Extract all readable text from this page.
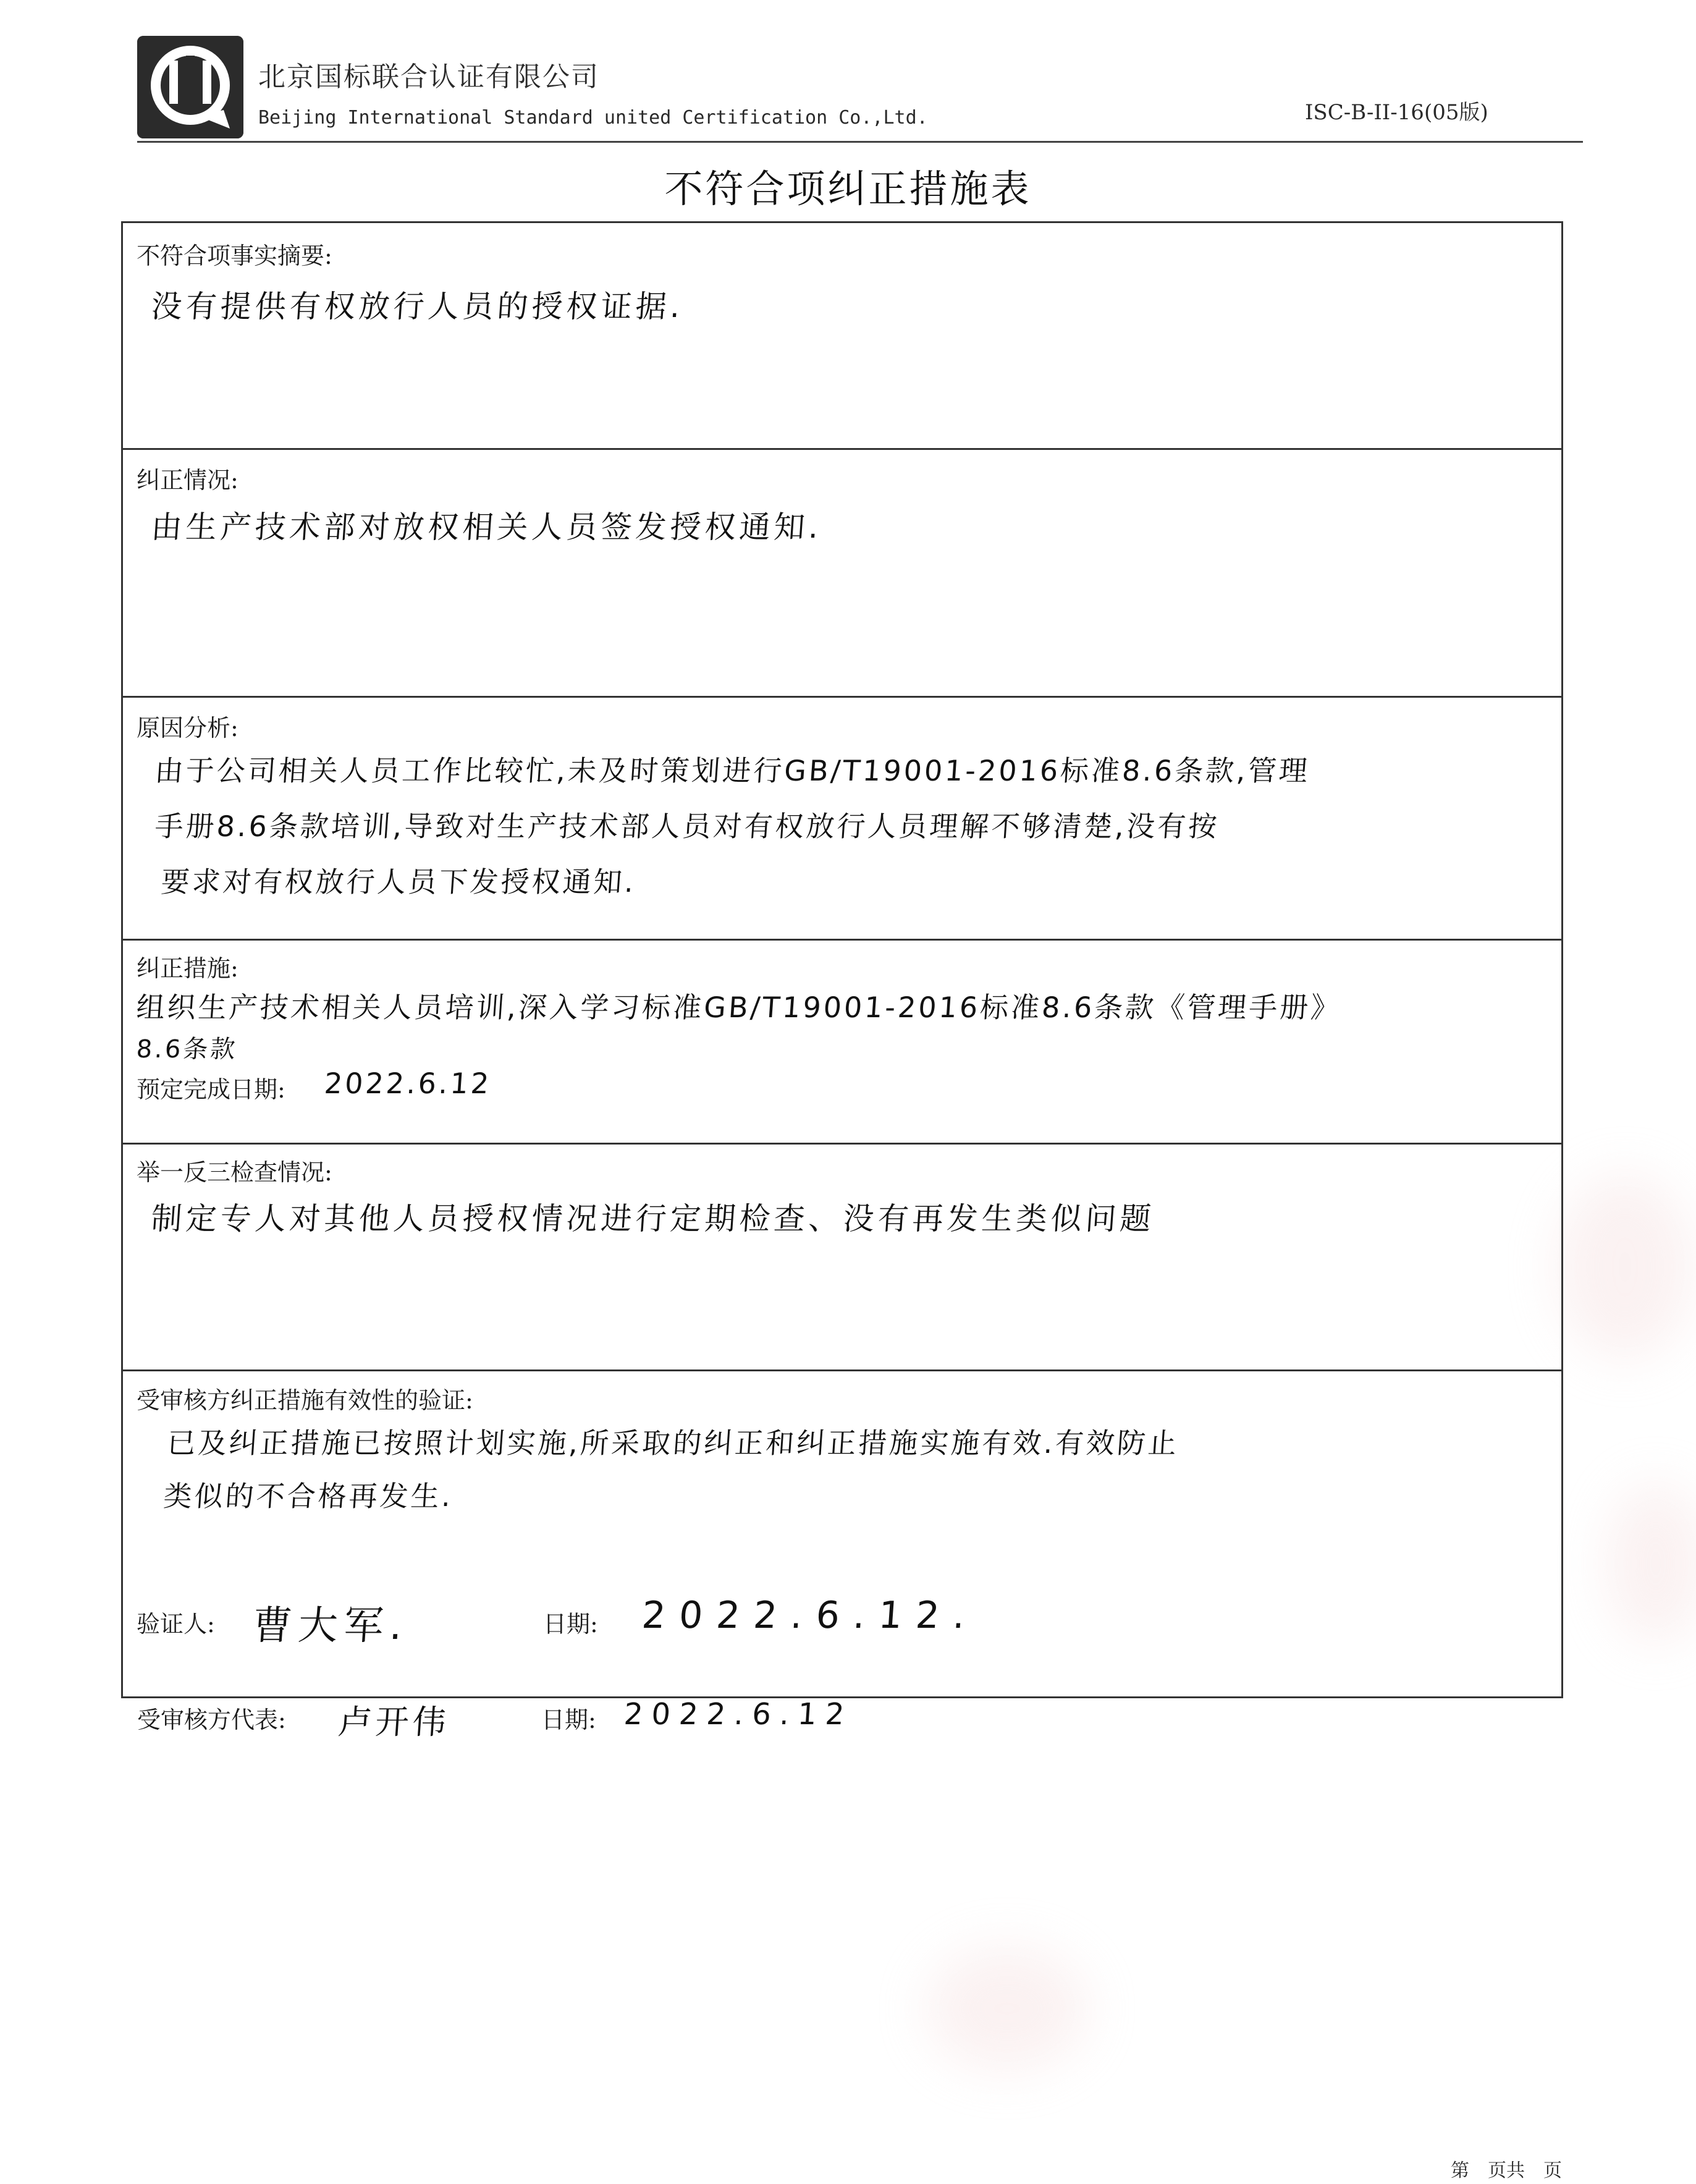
北京国标联合认证有限公司
Beijing International Standard united Certification Co.,Ltd.	ISC-B-II-16(05版)
不符合项纠正措施表
不符合项事实摘要:
没有提供有权放行人员的授权证据.
纠正情况:
由生产技术部对放权相关人员签发授权通知.
原因分析:
由于公司相关人员工作比较忙,未及时策划进行GB/T19001-2016标准8.6条款,管理
手册8.6条款培训,导致对生产技术部人员对有权放行人员理解不够清楚,没有按
要求对有权放行人员下发授权通知.
纠正措施:
组织生产技术相关人员培训,深入学习标准GB/T19001-2016标准8.6条款《管理手册》
8.6条款
预定完成日期: 2022.6.12
举一反三检查情况:
制定专人对其他人员授权情况进行定期检查、没有再发生类似问题
受审核方纠正措施有效性的验证:
已及纠正措施已按照计划实施,所采取的纠正和纠正措施实施有效.有效防止
类似的不合格再发生.
验证人: 曹大军.	日期: 2022.6.12.
受审核方代表: 卢开伟	日期: 2022.6.12
第　页共　页
